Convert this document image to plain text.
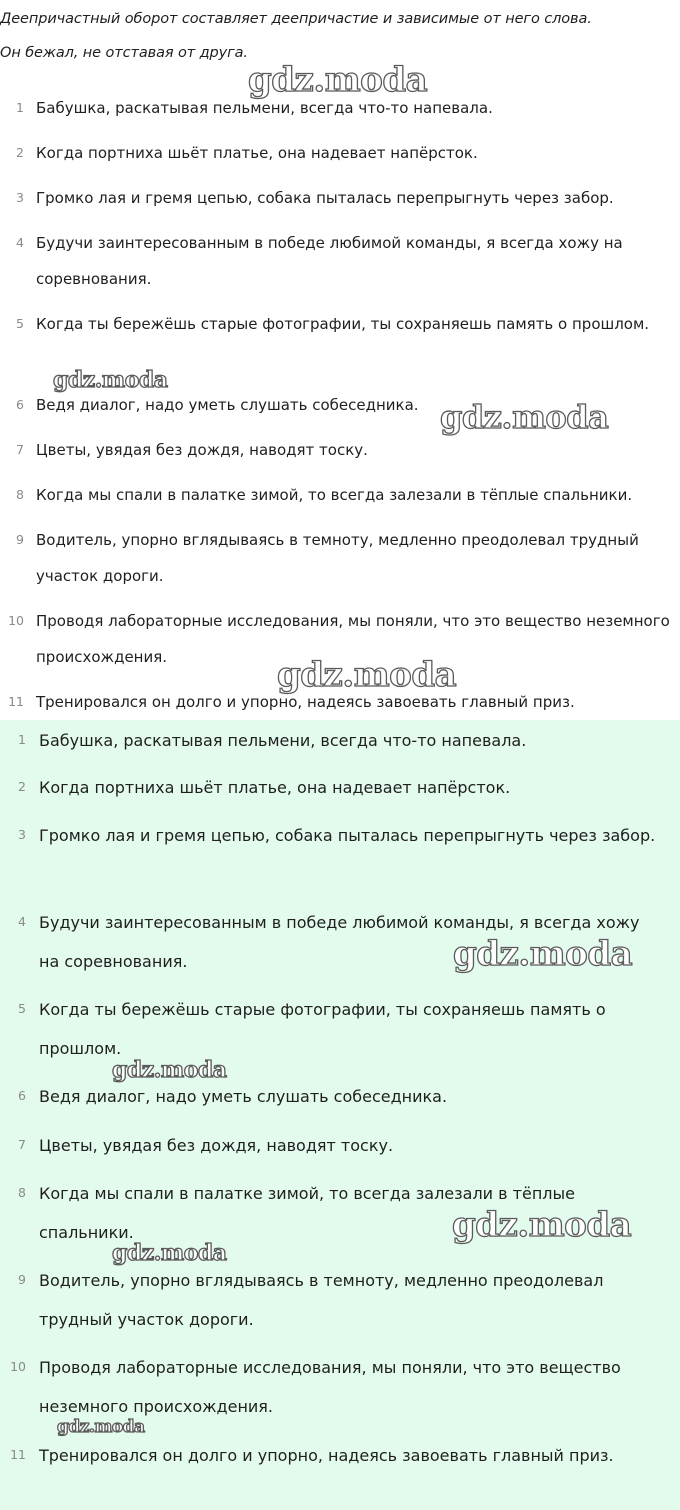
Деепричастный оборот составляет деепричастие и зависимые от него слова.
Он бежал, не отставая от друга.
1 Бабушка, раскатывая пельмени, всегда что-то напевала.
2 Когда портниха шьёт платье, она надевает напёрсток.
3 Громко лая и гремя цепью, собака пыталась перепрыгнуть через забор.
4 Будучи заинтересованным в победе любимой команды, я всегда хожу на соревнования.
5 Когда ты бережёшь старые фотографии, ты сохраняешь память о прошлом.
6 Ведя диалог, надо уметь слушать собеседника.
7 Цветы, увядая без дождя, наводят тоску.
8 Когда мы спали в палатке зимой, то всегда залезали в тёплые спальники.
9 Водитель, упорно вглядываясь в темноту, медленно преодолевал трудный участок дороги.
10 Проводя лабораторные исследования, мы поняли, что это вещество неземного происхождения.
11 Тренировался он долго и упорно, надеясь завоевать главный приз.
1 Бабушка, раскатывая пельмени, всегда что-то напевала.
2 Когда портниха шьёт платье, она надевает напёрсток.
3 Громко лая и гремя цепью, собака пыталась перепрыгнуть через забор.
4 Будучи заинтересованным в победе любимой команды, я всегда хожу на соревнования.
5 Когда ты бережёшь старые фотографии, ты сохраняешь память о прошлом.
6 Ведя диалог, надо уметь слушать собеседника.
7 Цветы, увядая без дождя, наводят тоску.
8 Когда мы спали в палатке зимой, то всегда залезали в тёплые спальники.
9 Водитель, упорно вглядываясь в темноту, медленно преодолевал трудный участок дороги.
10 Проводя лабораторные исследования, мы поняли, что это вещество неземного происхождения.
11 Тренировался он долго и упорно, надеясь завоевать главный приз.
gdz.moda
gdz.moda
gdz.moda
gdz.moda
gdz.moda
gdz.moda
gdz.moda
gdz.moda
gdz.moda
